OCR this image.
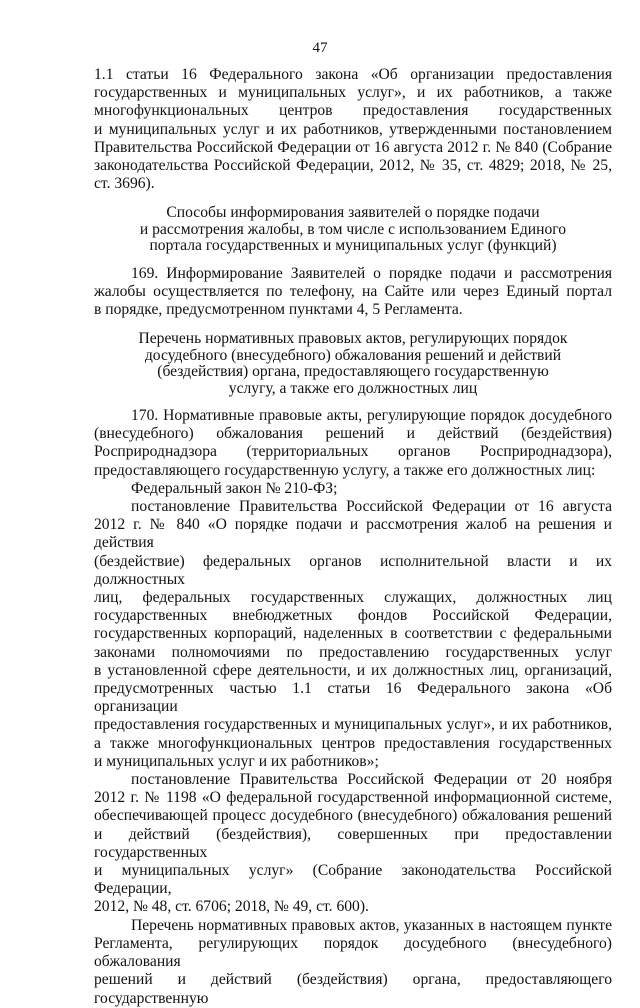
47
1.1 статьи 16 Федерального закона «Об организации предоставления
государственных и муниципальных услуг», и их работников, а также
многофункциональных центров предоставления государственных
и муниципальных услуг и их работников, утвержденными постановлением
Правительства Российской Федерации от 16 августа 2012 г. № 840 (Собрание
законодательства Российской Федерации, 2012, № 35, ст. 4829; 2018, № 25,
ст. 3696).
Способы информирования заявителей о порядке подачи
и рассмотрения жалобы, в том числе с использованием Единого
портала государственных и муниципальных услуг (функций)
169. Информирование Заявителей о порядке подачи и рассмотрения
жалобы осуществляется по телефону, на Сайте или через Единый портал
в порядке, предусмотренном пунктами 4, 5 Регламента.
Перечень нормативных правовых актов, регулирующих порядок
досудебного (внесудебного) обжалования решений и действий
(бездействия) органа, предоставляющего государственную
услугу, а также его должностных лиц
170. Нормативные правовые акты, регулирующие порядок досудебного
(внесудебного) обжалования решений и действий (бездействия)
Росприроднадзора (территориальных органов Росприроднадзора),
предоставляющего государственную услугу, а также его должностных лиц:
Федеральный закон № 210-ФЗ;
постановление Правительства Российской Федерации от 16 августа
2012 г. № 840 «О порядке подачи и рассмотрения жалоб на решения и действия
(бездействие) федеральных органов исполнительной власти и их должностных
лиц, федеральных государственных служащих, должностных лиц
государственных внебюджетных фондов Российской Федерации,
государственных корпораций, наделенных в соответствии с федеральными
законами полномочиями по предоставлению государственных услуг
в установленной сфере деятельности, и их должностных лиц, организаций,
предусмотренных частью 1.1 статьи 16 Федерального закона «Об организации
предоставления государственных и муниципальных услуг», и их работников,
а также многофункциональных центров предоставления государственных
и муниципальных услуг и их работников»;
постановление Правительства Российской Федерации от 20 ноября
2012 г. № 1198 «О федеральной государственной информационной системе,
обеспечивающей процесс досудебного (внесудебного) обжалования решений
и действий (бездействия), совершенных при предоставлении государственных
и муниципальных услуг» (Собрание законодательства Российской Федерации,
2012, № 48, ст. 6706; 2018, № 49, ст. 600).
Перечень нормативных правовых актов, указанных в настоящем пункте
Регламента, регулирующих порядок досудебного (внесудебного) обжалования
решений и действий (бездействия) органа, предоставляющего государственную
